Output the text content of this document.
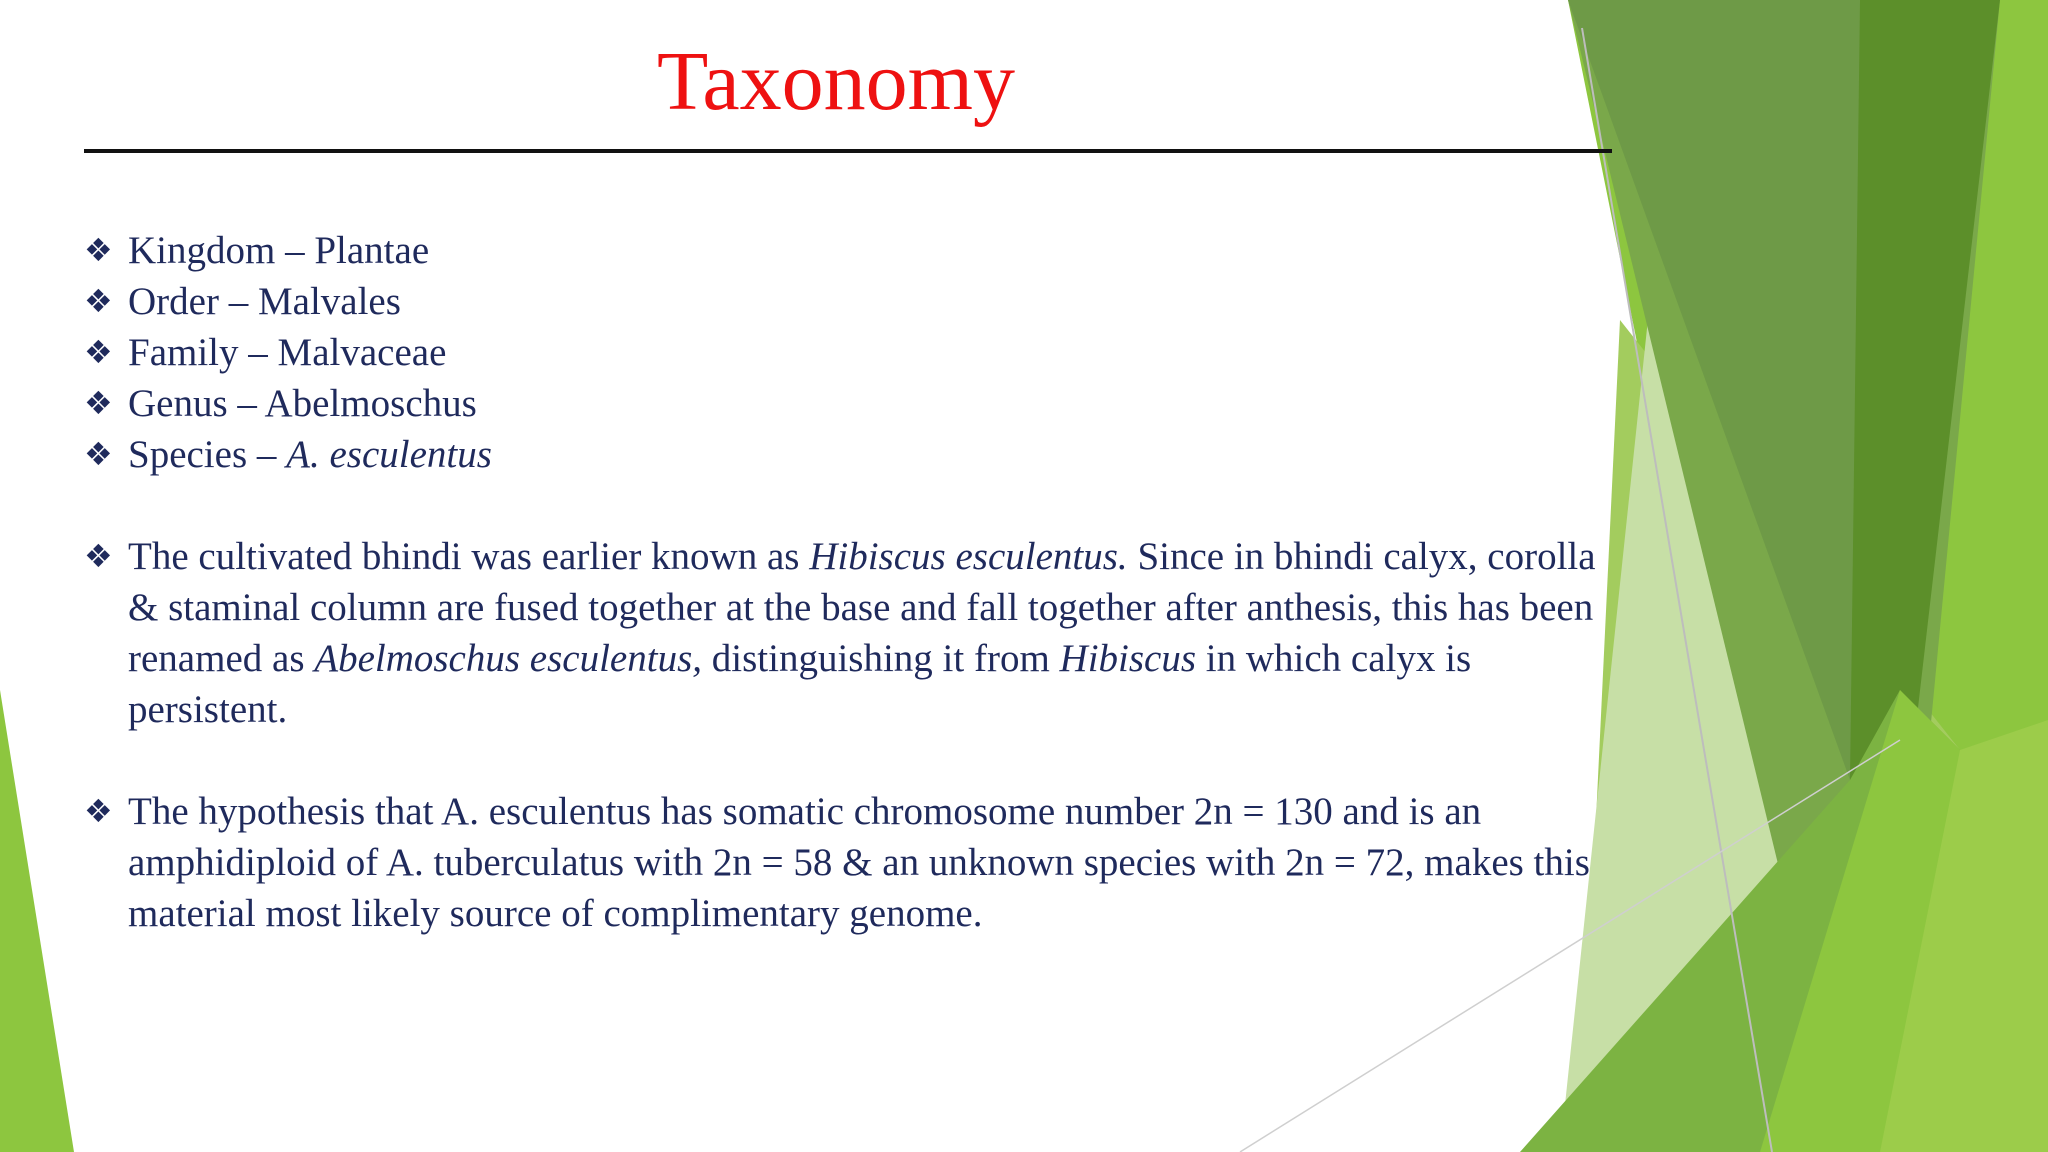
Taxonomy
❖ Kingdom – Plantae
❖ Order – Malvales
❖ Family – Malvaceae
❖ Genus – Abelmoschus
❖ Species – A. esculentus
❖ The cultivated bhindi was earlier known as Hibiscus esculentus. Since in bhindi calyx, corolla & staminal column are fused together at the base and fall together after anthesis, this has been renamed as Abelmoschus esculentus, distinguishing it from Hibiscus in which calyx is persistent.
❖ The hypothesis that A. esculentus has somatic chromosome number 2n = 130 and is an amphidiploid of A. tuberculatus with 2n = 58 & an unknown species with 2n = 72, makes this material most likely source of complimentary genome.
